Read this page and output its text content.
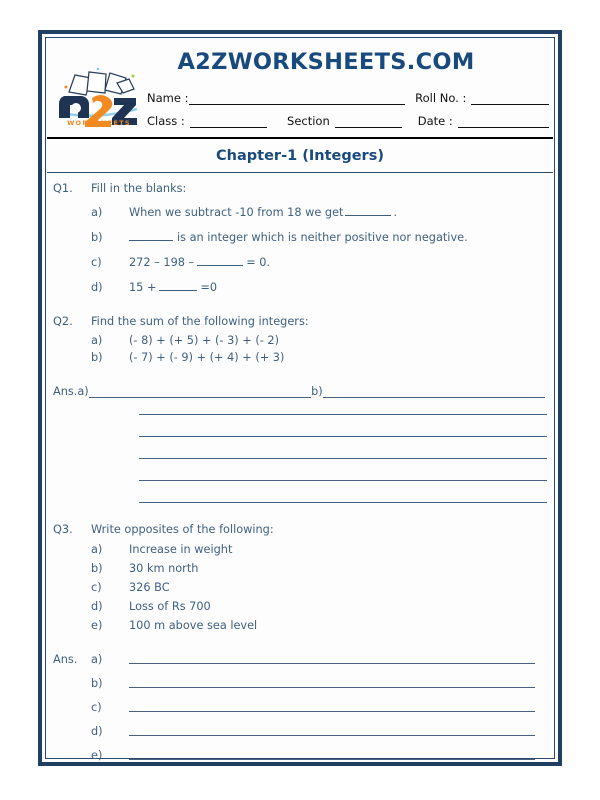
WORKSHEETS
A2ZWORKSHEETS.COM
Name :	Roll No. :
Class :	Section	Date :
Chapter-1 (Integers)
Q1.	Fill in the blanks:
a)	When we subtract -10 from 18 we get	.
b)	is an integer which is neither positive nor negative.
c)	272 – 198 –	= 0.
d)	15 +	=0
Q2.	Find the sum of the following integers:
a)	(- 8) + (+ 5) + (- 3) + (- 2)
b)	(- 7) + (- 9) + (+ 4) + (+ 3)
Ans.a)	b)
Q3.	Write opposites of the following:
a)	Increase in weight
b)	30 km north
c)	326 BC
d)	Loss of Rs 700
e)	100 m above sea level
Ans.	a)
b)
c)
d)
e)
